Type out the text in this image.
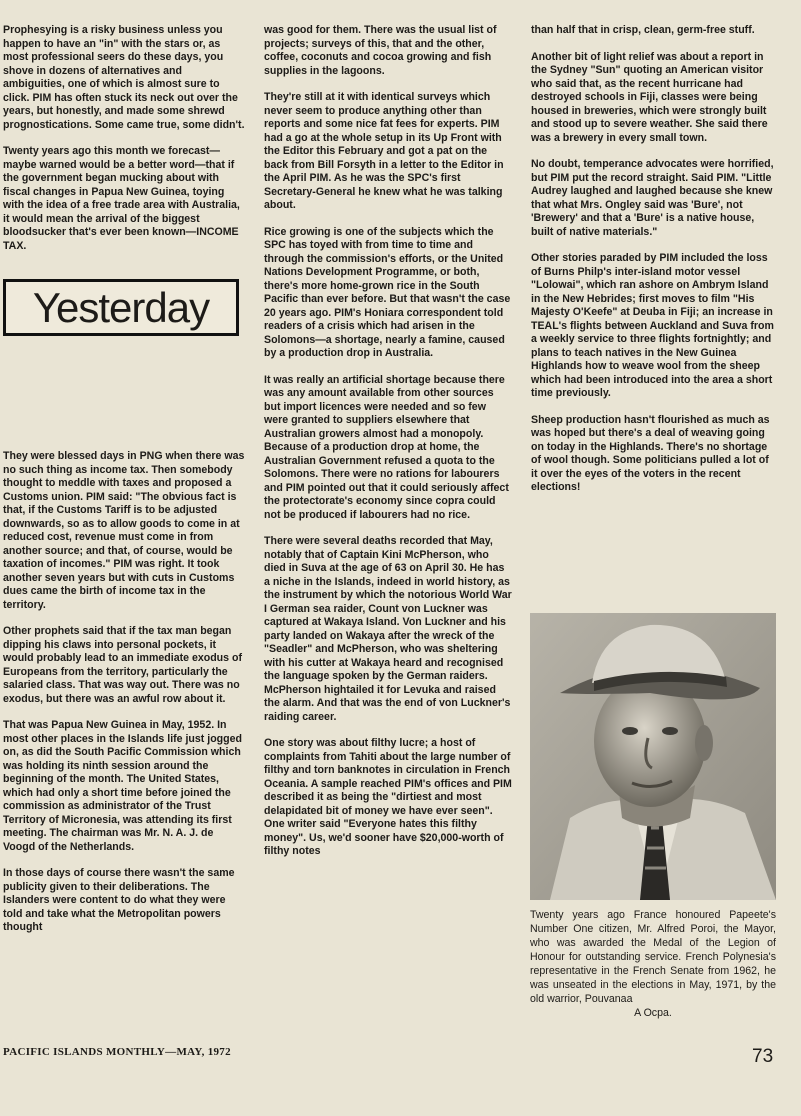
Prophesying is a risky business unless you happen to have an "in" with the stars or, as most professional seers do these days, you shove in dozens of alternatives and ambiguities, one of which is almost sure to click. PIM has often stuck its neck out over the years, but honestly, and made some shrewd prognostications. Some came true, some didn't.

Twenty years ago this month we forecast—maybe warned would be a better word—that if the government began mucking about with fiscal changes in Papua New Guinea, toying with the idea of a free trade area with Australia, it would mean the arrival of the biggest bloodsucker that's ever been known—INCOME TAX.

Yesterday

They were blessed days in PNG when there was no such thing as income tax. Then somebody thought to meddle with taxes and proposed a Customs union. PIM said: "The obvious fact is that, if the Customs Tariff is to be adjusted downwards, so as to allow goods to come in at reduced cost, revenue must come in from another source; and that, of course, would be taxation of incomes." PIM was right. It took another seven years but with cuts in Customs dues came the birth of income tax in the territory.

Other prophets said that if the tax man began dipping his claws into personal pockets, it would probably lead to an immediate exodus of Europeans from the territory, particularly the salaried class. That was way out. There was no exodus, but there was an awful row about it.

That was Papua New Guinea in May, 1952. In most other places in the Islands life just jogged on, as did the South Pacific Commission which was holding its ninth session around the beginning of the month. The United States, which had only a short time before joined the commission as administrator of the Trust Territory of Micronesia, was attending its first meeting. The chairman was Mr. N. A. J. de Voogd of the Netherlands.

In those days of course there wasn't the same publicity given to their deliberations. The Islanders were content to do what they were told and take what the Metropolitan powers thought

was good for them. There was the usual list of projects; surveys of this, that and the other, coffee, coconuts and cocoa growing and fish supplies in the lagoons.

They're still at it with identical surveys which never seem to produce anything other than reports and some nice fat fees for experts. PIM had a go at the whole setup in its Up Front with the Editor this February and got a pat on the back from Bill Forsyth in a letter to the Editor in the April PIM. As he was the SPC's first Secretary-General he knew what he was talking about.

Rice growing is one of the subjects which the SPC has toyed with from time to time and through the commission's efforts, or the United Nations Development Programme, or both, there's more home-grown rice in the South Pacific than ever before. But that wasn't the case 20 years ago. PIM's Honiara correspondent told readers of a crisis which had arisen in the Solomons—a shortage, nearly a famine, caused by a production drop in Australia.

It was really an artificial shortage because there was any amount available from other sources but import licences were needed and so few were granted to suppliers elsewhere that Australian growers almost had a monopoly. Because of a production drop at home, the Australian Government refused a quota to the Solomons. There were no rations for labourers and PIM pointed out that it could seriously affect the protectorate's economy since copra could not be produced if labourers had no rice.

There were several deaths recorded that May, notably that of Captain Kini McPherson, who died in Suva at the age of 63 on April 30. He has a niche in the Islands, indeed in world history, as the instrument by which the notorious World War I German sea raider, Count von Luckner was captured at Wakaya Island. Von Luckner and his party landed on Wakaya after the wreck of the "Seadler" and McPherson, who was sheltering with his cutter at Wakaya heard and recognised the language spoken by the German raiders. McPherson hightailed it for Levuka and raised the alarm. And that was the end of von Luckner's raiding career.

One story was about filthy lucre; a host of complaints from Tahiti about the large number of filthy and torn banknotes in circulation in French Oceania. A sample reached PIM's offices and PIM described it as being the "dirtiest and most delapidated bit of money we have ever seen". One writer said "Everyone hates this filthy money". Us, we'd sooner have $20,000-worth of filthy notes

than half that in crisp, clean, germ-free stuff.

Another bit of light relief was about a report in the Sydney "Sun" quoting an American visitor who said that, as the recent hurricane had destroyed schools in Fiji, classes were being housed in breweries, which were strongly built and stood up to severe weather. She said there was a brewery in every small town.

No doubt, temperance advocates were horrified, but PIM put the record straight. Said PIM. "Little Audrey laughed and laughed because she knew that what Mrs. Ongley said was 'Bure', not 'Brewery' and that a 'Bure' is a native house, built of native materials."

Other stories paraded by PIM included the loss of Burns Philp's inter-island motor vessel "Lolowai", which ran ashore on Ambrym Island in the New Hebrides; first moves to film "His Majesty O'Keefe" at Deuba in Fiji; an increase in TEAL's flights between Auckland and Suva from a weekly service to three flights fortnightly; and plans to teach natives in the New Guinea Highlands how to weave wool from the sheep which had been introduced into the area a short time previously.

Sheep production hasn't flourished as much as was hoped but there's a deal of weaving going on today in the Highlands. There's no shortage of wool though. Some politicians pulled a lot of it over the eyes of the voters in the recent elections!

Twenty years ago France honoured Papeete's Number One citizen, Mr. Alfred Poroi, the Mayor, who was awarded the Medal of the Legion of Honour for outstanding service. French Polynesia's representative in the French Senate from 1962, he was unseated in the elections in May, 1971, by the old warrior, Pouvanaa
A Ocpa.
PACIFIC ISLANDS MONTHLY—MAY, 1972	73
